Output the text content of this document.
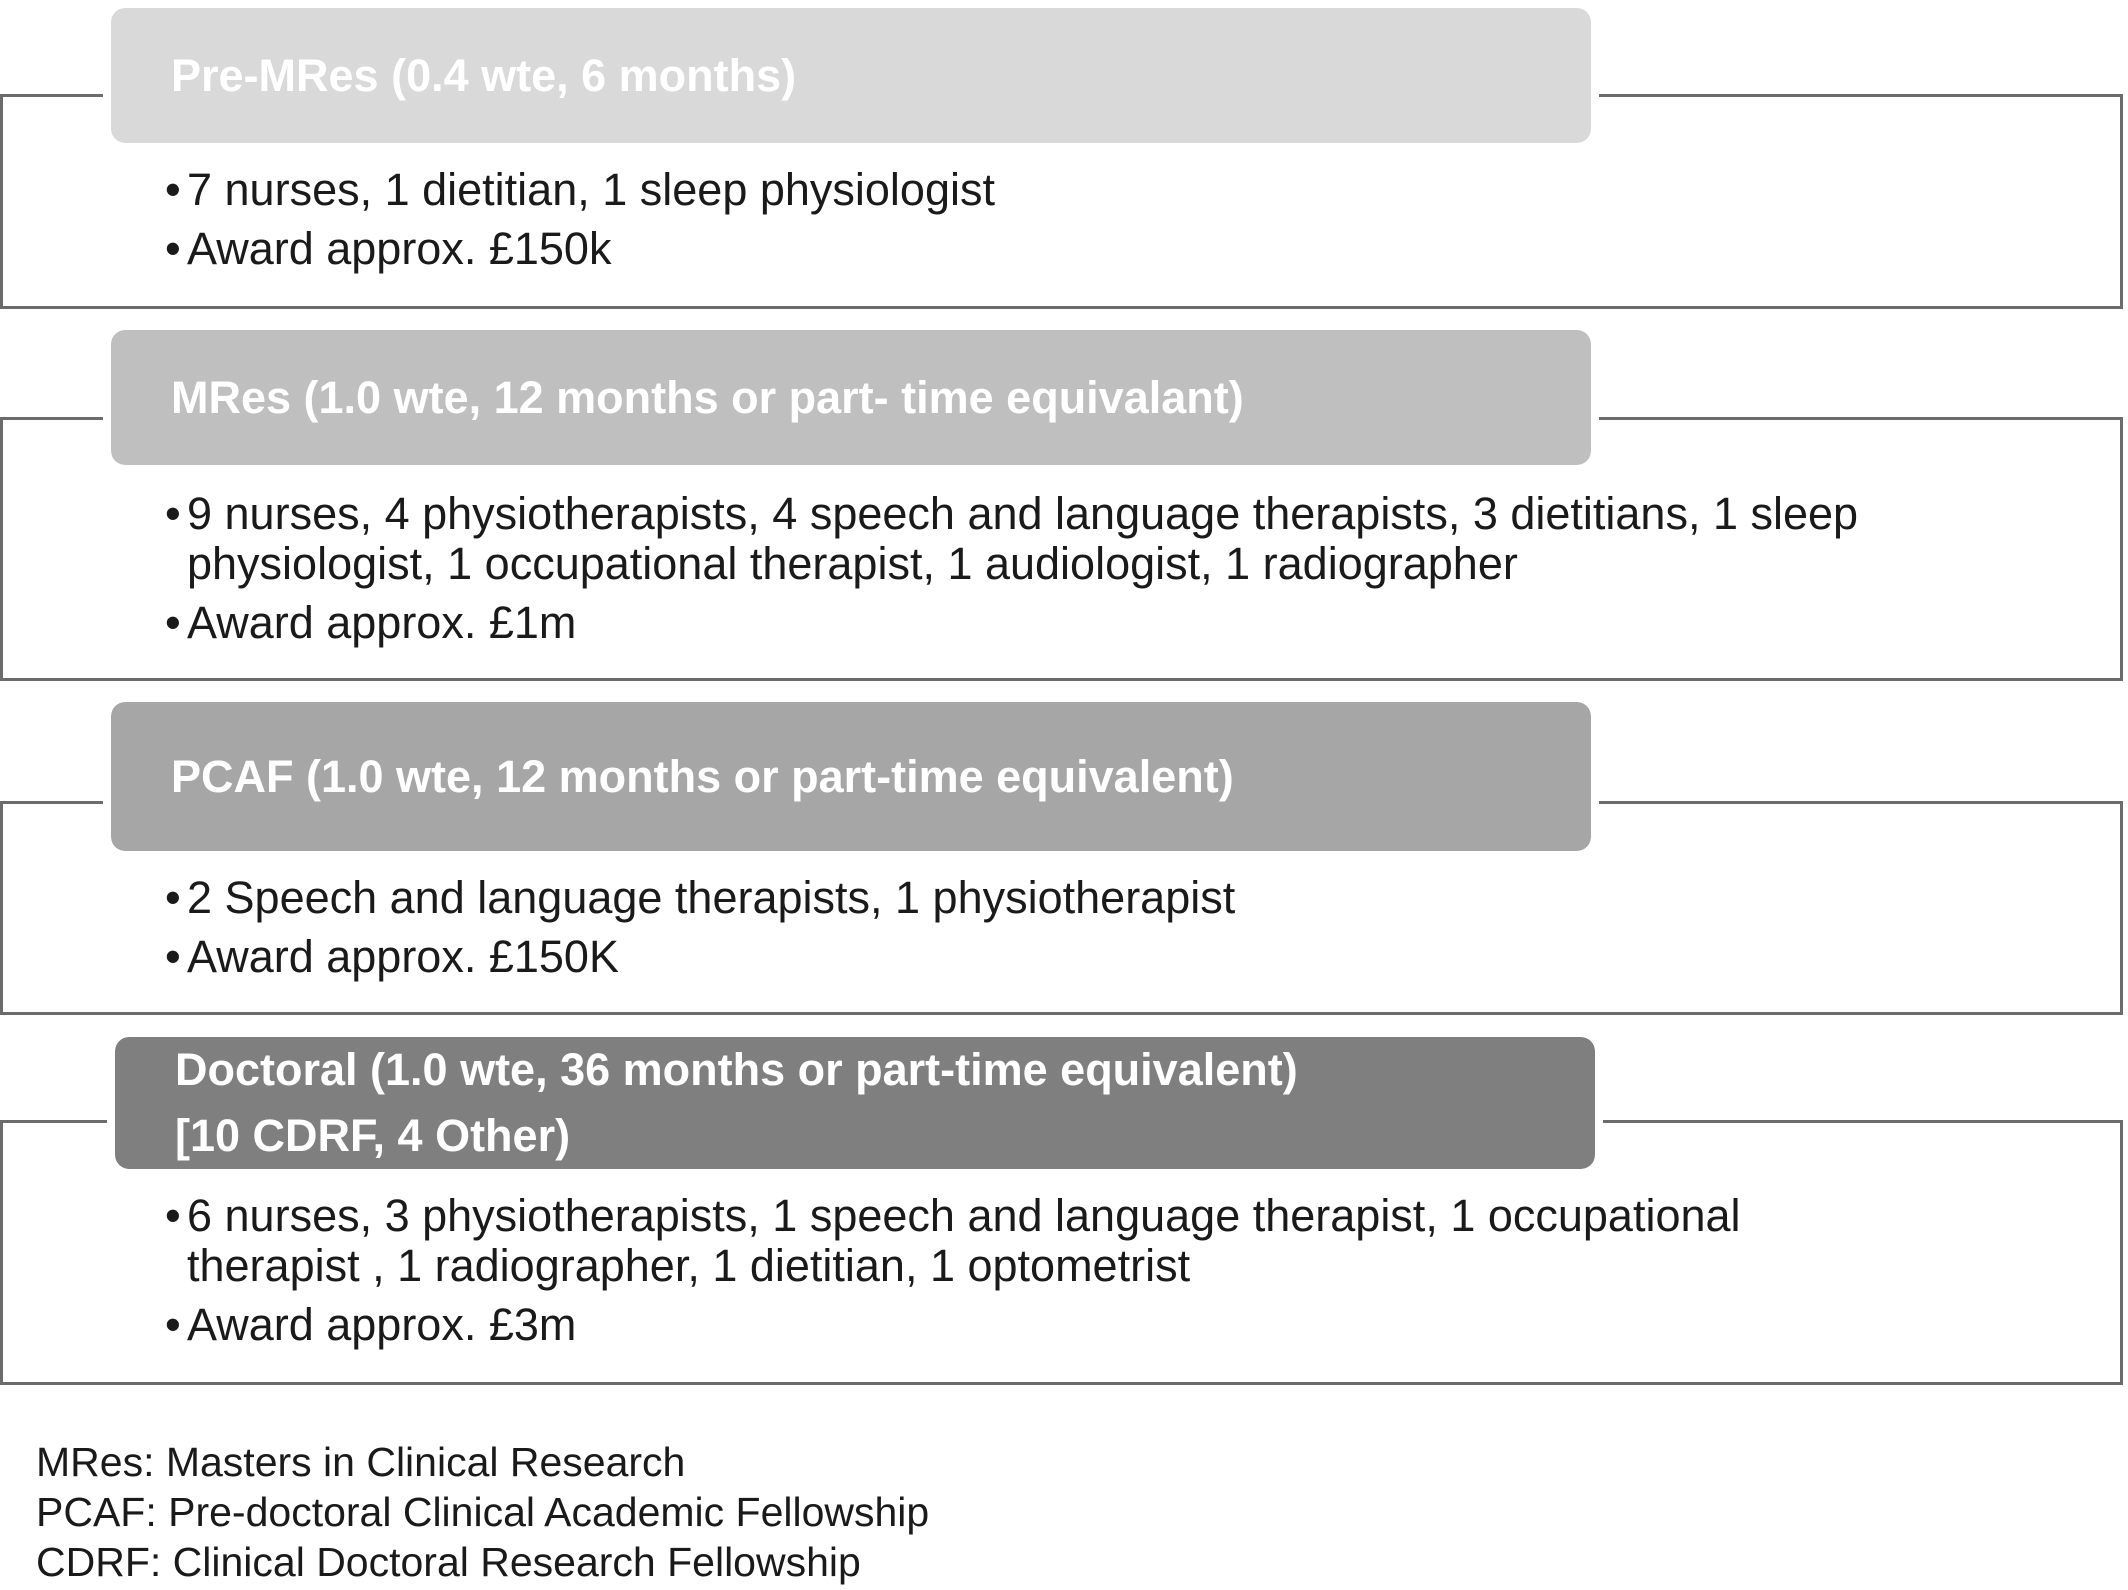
Pre-MRes (0.4 wte, 6 months)
• 7 nurses, 1 dietitian, 1 sleep physiologist
• Award approx. £150k
MRes (1.0 wte, 12 months or part- time equivalant)
• 9 nurses, 4 physiotherapists, 4 speech and language therapists, 3 dietitians, 1 sleep physiologist, 1 occupational therapist, 1 audiologist, 1 radiographer
• Award approx. £1m
PCAF (1.0 wte, 12 months or part-time equivalent)
• 2 Speech and language therapists, 1 physiotherapist
• Award approx. £150K
Doctoral (1.0 wte, 36 months or part-time equivalent)
[10 CDRF, 4 Other)
• 6 nurses, 3 physiotherapists, 1 speech and language therapist, 1 occupational therapist , 1 radiographer, 1 dietitian, 1 optometrist
• Award approx. £3m
MRes: Masters in Clinical Research
PCAF: Pre-doctoral Clinical Academic Fellowship
CDRF: Clinical Doctoral Research Fellowship
